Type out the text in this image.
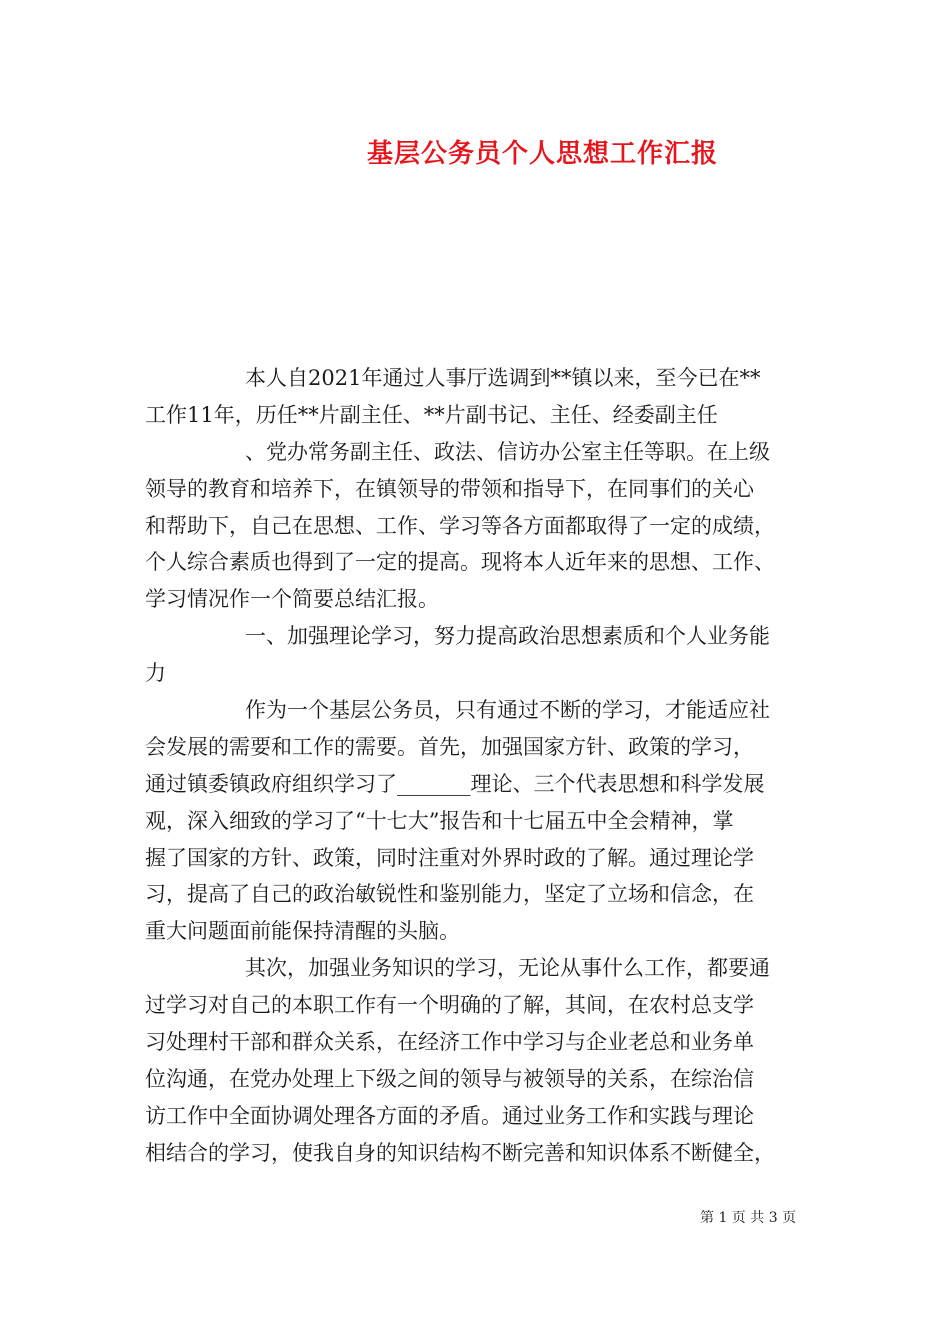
基层公务员个人思想工作汇报
本人自2021年通过人事厅选调到**镇以来，至今已在**
工作11年，历任**片副主任、**片副书记、主任、经委副主任
、党办常务副主任、政法、信访办公室主任等职。在上级
领导的教育和培养下，在镇领导的带领和指导下，在同事们的关心
和帮助下，自己在思想、工作、学习等各方面都取得了一定的成绩，
个人综合素质也得到了一定的提高。现将本人近年来的思想、工作、
学习情况作一个简要总结汇报。
一、加强理论学习，努力提高政治思想素质和个人业务能
力
作为一个基层公务员，只有通过不断的学习，才能适应社
会发展的需要和工作的需要。首先，加强国家方针、政策的学习，
通过镇委镇政府组织学习了_______理论、三个代表思想和科学发展
观，深入细致的学习了“十七大”报告和十七届五中全会精神，掌
握了国家的方针、政策，同时注重对外界时政的了解。通过理论学
习，提高了自己的政治敏锐性和鉴别能力，坚定了立场和信念，在
重大问题面前能保持清醒的头脑。
其次，加强业务知识的学习，无论从事什么工作，都要通
过学习对自己的本职工作有一个明确的了解，其间，在农村总支学
习处理村干部和群众关系，在经济工作中学习与企业老总和业务单
位沟通，在党办处理上下级之间的领导与被领导的关系，在综治信
访工作中全面协调处理各方面的矛盾。通过业务工作和实践与理论
相结合的学习，使我自身的知识结构不断完善和知识体系不断健全，
第 1 页 共 3 页
